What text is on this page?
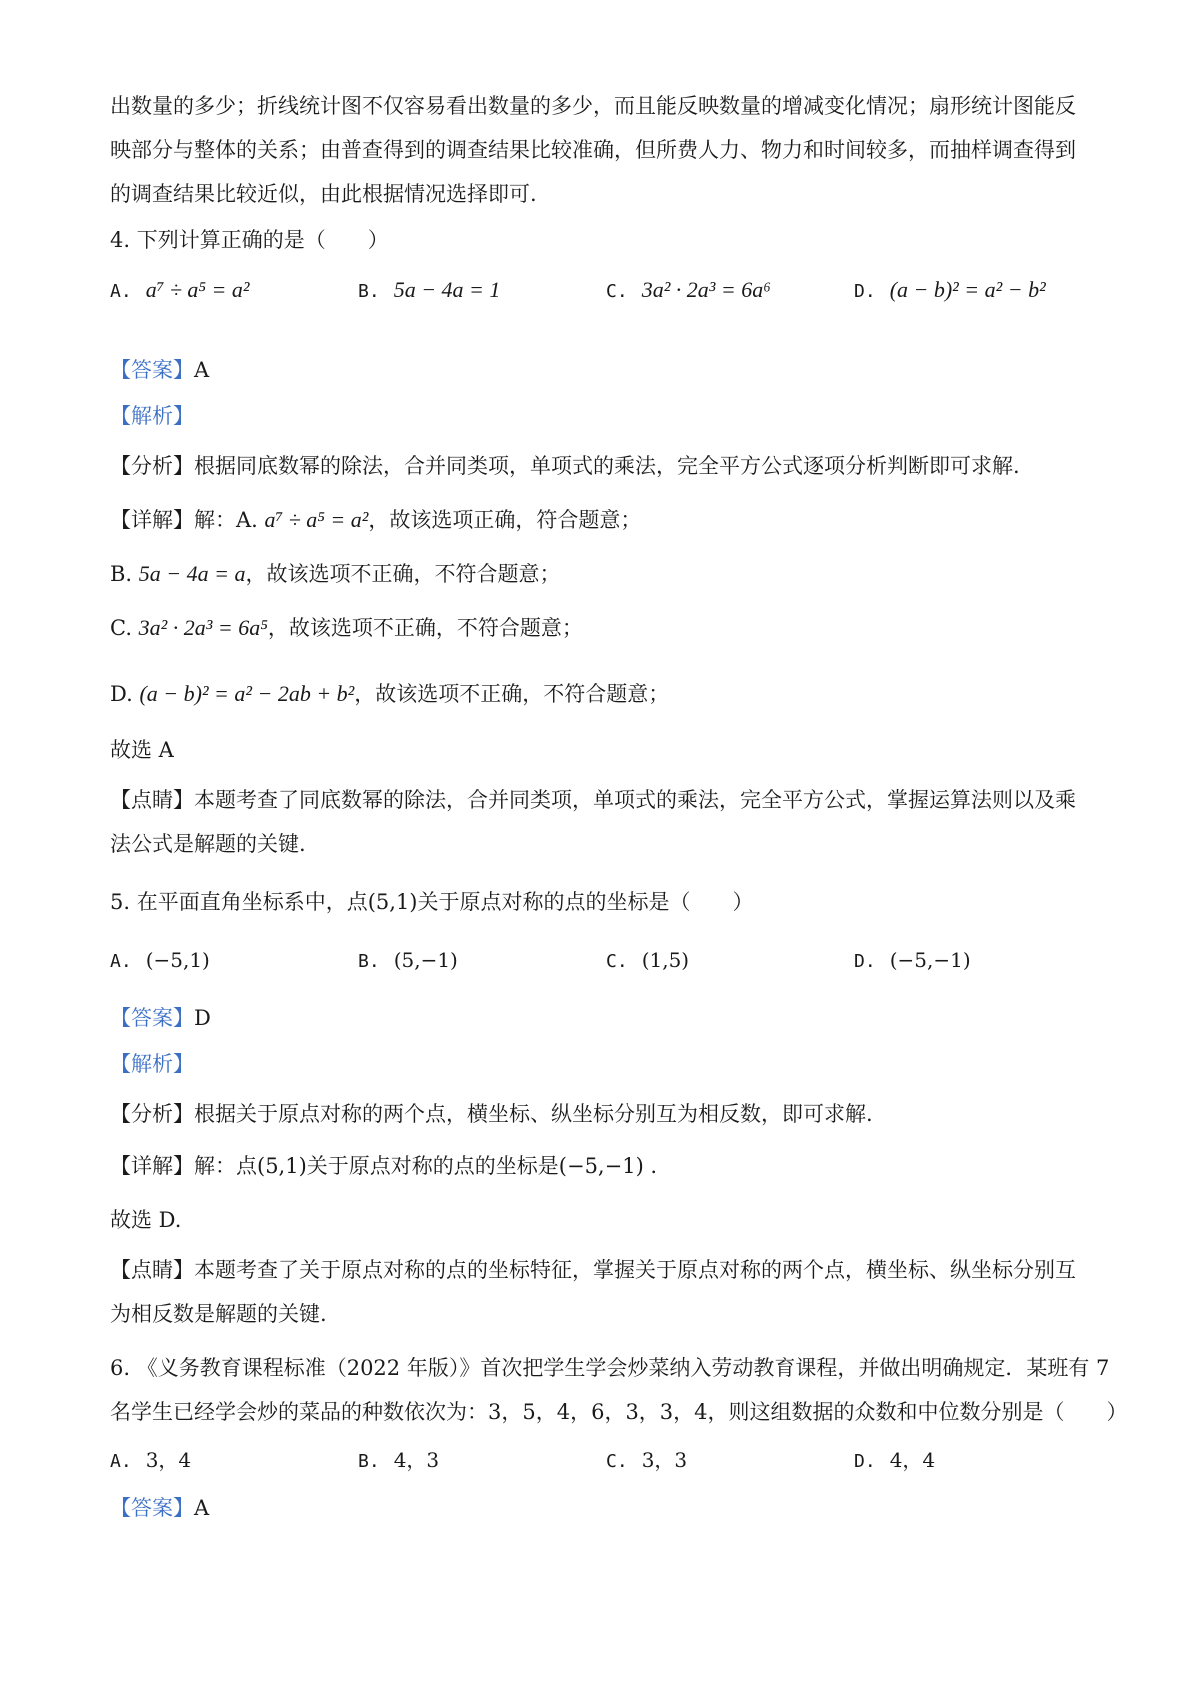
出数量的多少；折线统计图不仅容易看出数量的多少，而且能反映数量的增减变化情况；扇形统计图能反
映部分与整体的关系；由普查得到的调查结果比较准确，但所费人力、物力和时间较多，而抽样调查得到
的调查结果比较近似，由此根据情况选择即可.
4. 下列计算正确的是（　　）
A. a⁷ ÷ a⁵ = a²	B. 5a − 4a = 1	C. 3a² · 2a³ = 6a⁶	D. (a − b)² = a² − b²
【答案】A
【解析】
【分析】根据同底数幂的除法，合并同类项，单项式的乘法，完全平方公式逐项分析判断即可求解.
【详解】解：A. a⁷ ÷ a⁵ = a²，故该选项正确，符合题意；
B. 5a − 4a = a，故该选项不正确，不符合题意；
C. 3a² · 2a³ = 6a⁵，故该选项不正确，不符合题意；
D. (a − b)² = a² − 2ab + b²，故该选项不正确，不符合题意；
故选 A
【点睛】本题考查了同底数幂的除法，合并同类项，单项式的乘法，完全平方公式，掌握运算法则以及乘
法公式是解题的关键.
5. 在平面直角坐标系中，点(5,1)关于原点对称的点的坐标是（　　）
A. (−5,1)	B. (5,−1)	C. (1,5)	D. (−5,−1)
【答案】D
【解析】
【分析】根据关于原点对称的两个点，横坐标、纵坐标分别互为相反数，即可求解.
【详解】解：点(5,1)关于原点对称的点的坐标是(−5,−1) .
故选 D.
【点睛】本题考查了关于原点对称的点的坐标特征，掌握关于原点对称的两个点，横坐标、纵坐标分别互
为相反数是解题的关键.
6. 《义务教育课程标准（2022 年版）》首次把学生学会炒菜纳入劳动教育课程，并做出明确规定．某班有 7
名学生已经学会炒的菜品的种数依次为：3，5，4，6，3，3，4，则这组数据的众数和中位数分别是（　　）
A. 3，4	B. 4，3	C. 3，3	D. 4，4
【答案】A
